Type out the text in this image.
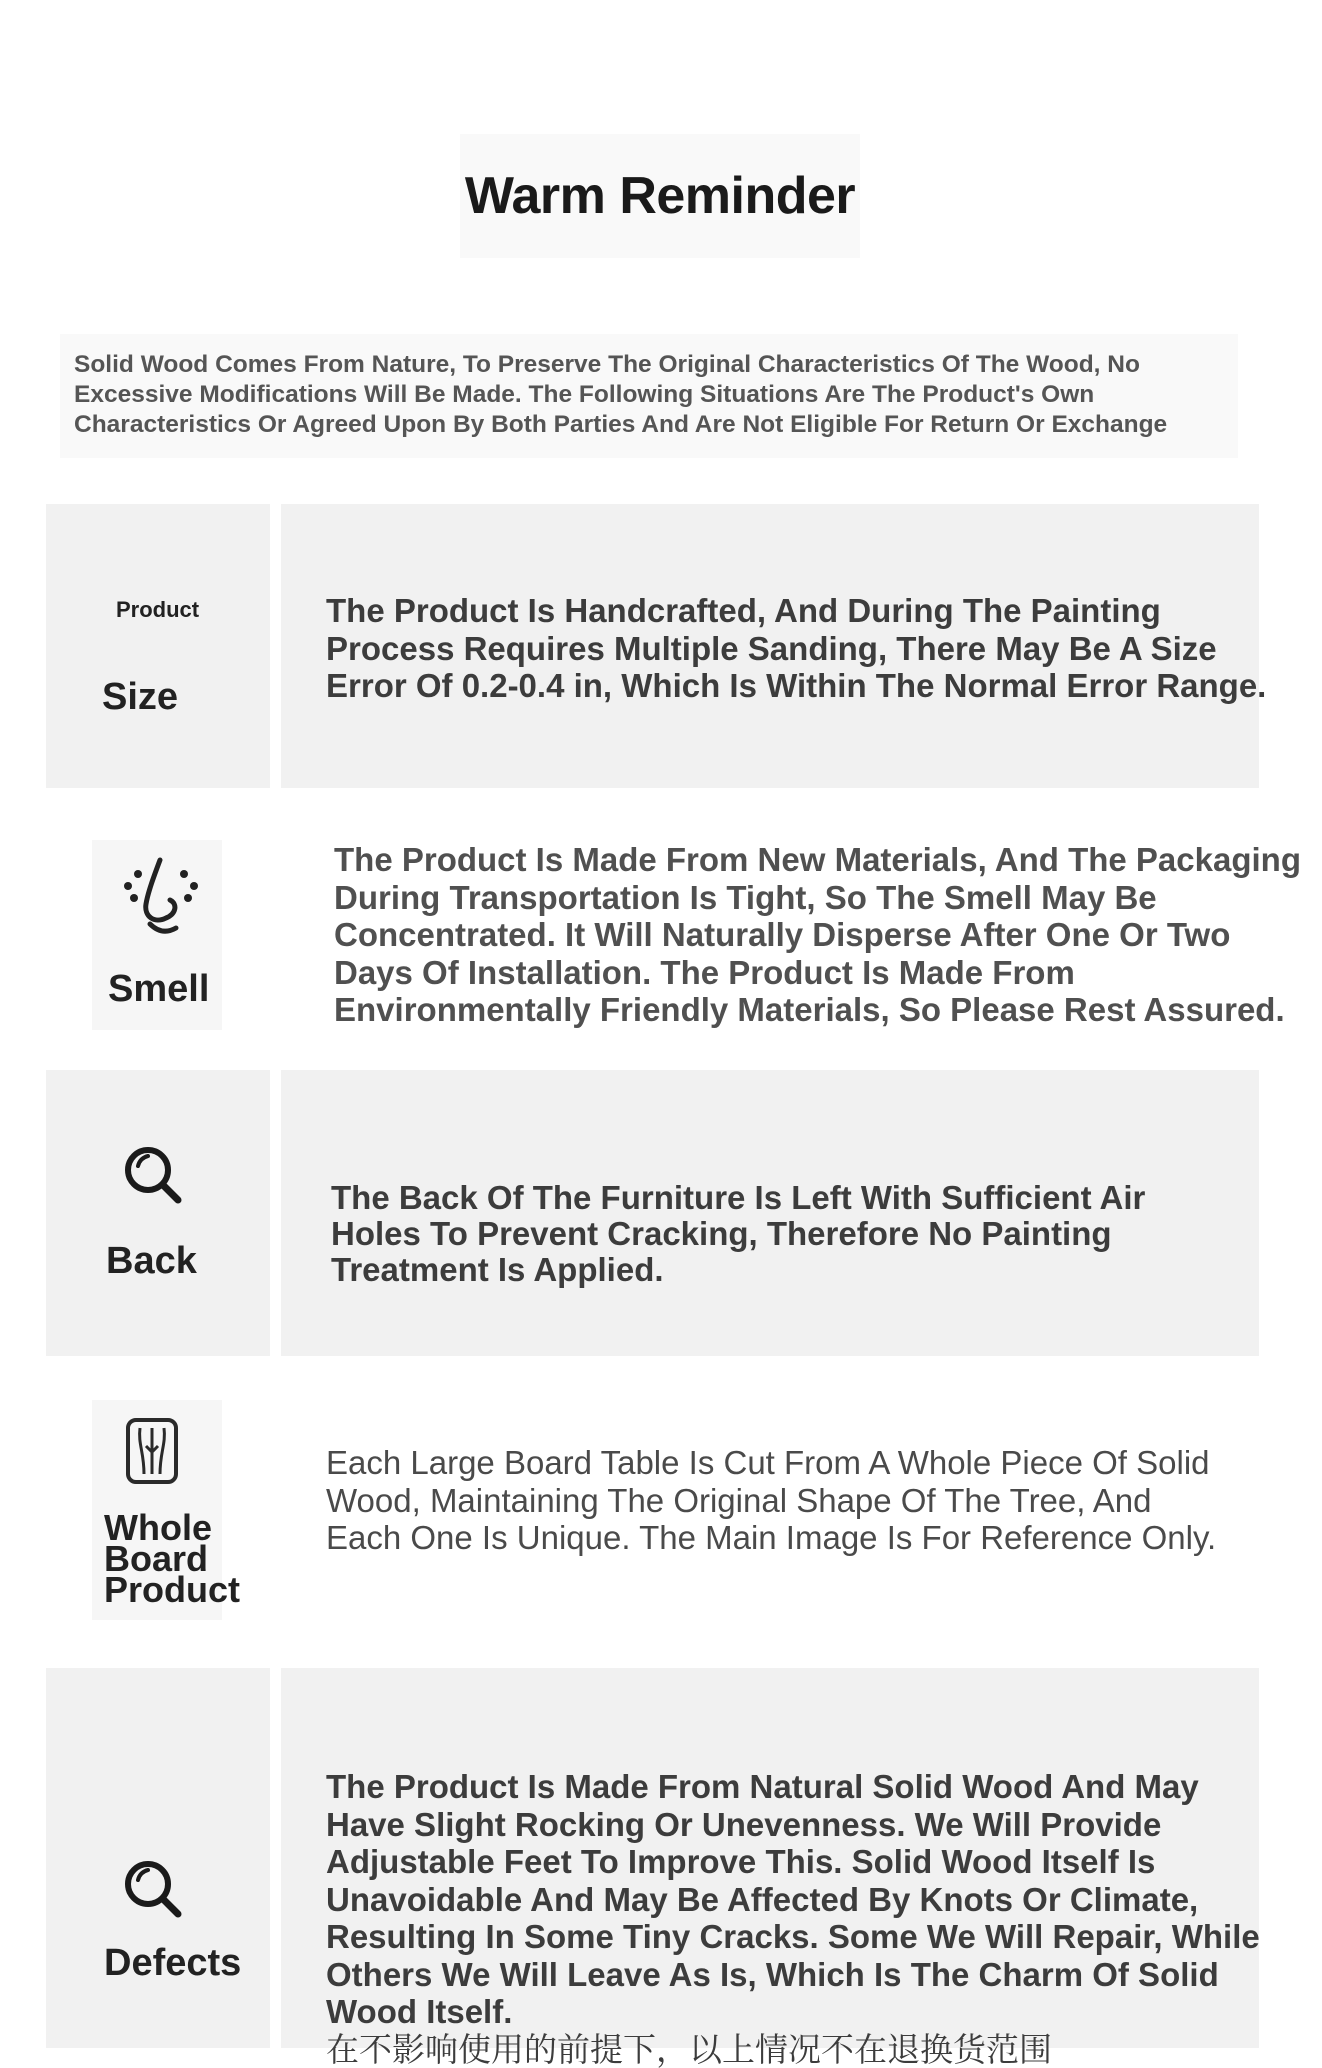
Warm Reminder
Solid Wood Comes From Nature, To Preserve The Original Characteristics Of The Wood, No Excessive Modifications Will Be Made. The Following Situations Are The Product's Own Characteristics Or Agreed Upon By Both Parties And Are Not Eligible For Return Or Exchange
Product
Size
The Product Is Handcrafted, And During The Painting
Process Requires Multiple Sanding, There May Be A Size
Error Of 0.2-0.4 in, Which Is Within The Normal Error Range.
Smell
The Product Is Made From New Materials, And The Packaging
During Transportation Is Tight, So The Smell May Be
Concentrated. It Will Naturally Disperse After One Or Two
Days Of Installation. The Product Is Made From
Environmentally Friendly Materials, So Please Rest Assured.
Back
The Back Of The Furniture Is Left With Sufficient Air
Holes To Prevent Cracking, Therefore No Painting
Treatment Is Applied.
Whole
Board
Product
Each Large Board Table Is Cut From A Whole Piece Of Solid
Wood, Maintaining The Original Shape Of The Tree, And
Each One Is Unique. The Main Image Is For Reference Only.
Defects
The Product Is Made From Natural Solid Wood And May
Have Slight Rocking Or Unevenness. We Will Provide
Adjustable Feet To Improve This. Solid Wood Itself Is
Unavoidable And May Be Affected By Knots Or Climate,
Resulting In Some Tiny Cracks. Some We Will Repair, While
Others We Will Leave As Is, Which Is The Charm Of Solid
Wood Itself.
在不影响使用的前提下，以上情况不在退换货范围
